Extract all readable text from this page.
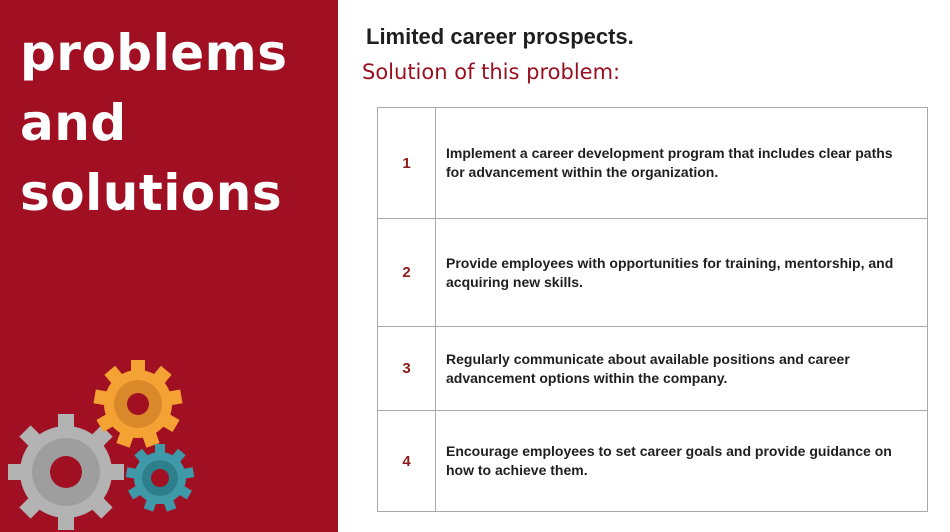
problems
and
solutions
Limited career prospects.
Solution of this problem:
1	Implement a career development program that includes clear paths for advancement within the organization.
2	Provide employees with opportunities for training, mentorship, and acquiring new skills.
3	Regularly communicate about available positions and career advancement options within the company.
4	Encourage employees to set career goals and provide guidance on how to achieve them.
